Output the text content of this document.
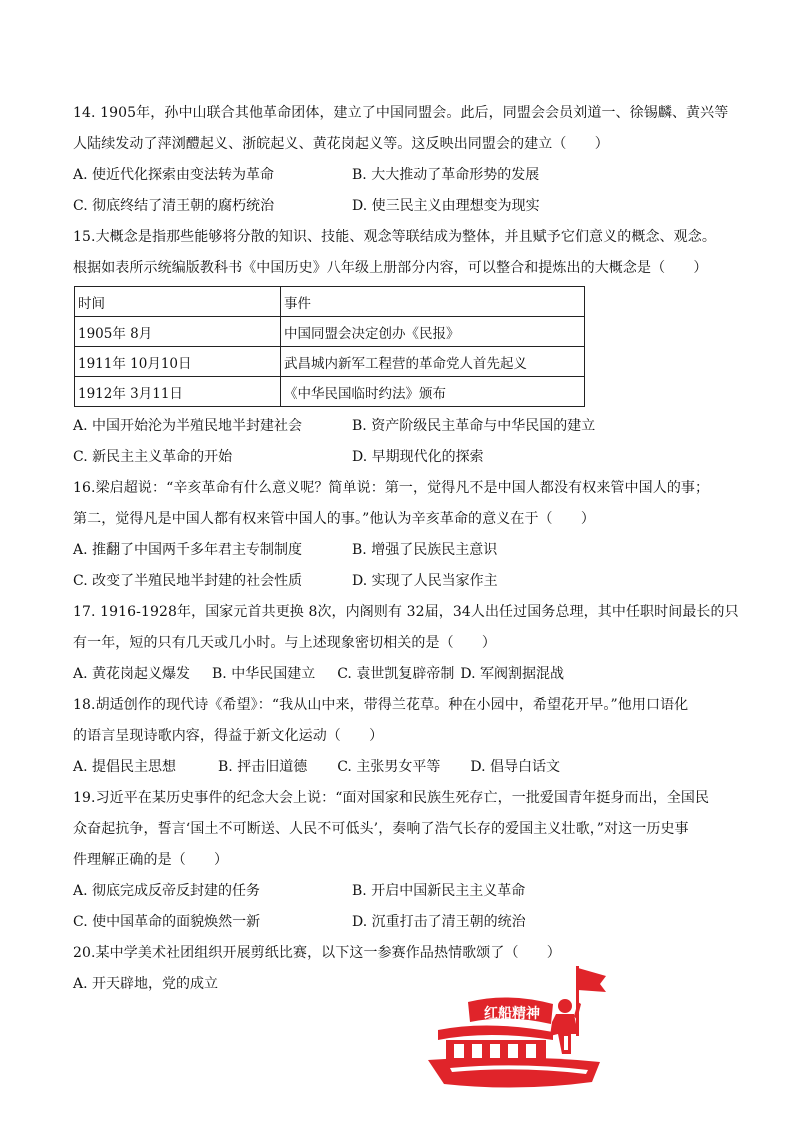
14. 1905年，孙中山联合其他革命团体，建立了中国同盟会。此后，同盟会会员刘道一、徐锡麟、黄兴等
人陆续发动了萍浏醴起义、浙皖起义、黄花岗起义等。这反映出同盟会的建立（　　）
A. 使近代化探索由变法转为革命	B. 大大推动了革命形势的发展
C. 彻底终结了清王朝的腐朽统治	D. 使三民主义由理想变为现实
15.大概念是指那些能够将分散的知识、技能、观念等联结成为整体，并且赋予它们意义的概念、观念。
根据如表所示统编版教科书《中国历史》八年级上册部分内容，可以整合和提炼出的大概念是（　　）
时间	事件
1905年 8月	中国同盟会决定创办《民报》
1911年 10月10日	武昌城内新军工程营的革命党人首先起义
1912年 3月11日	《中华民国临时约法》颁布
A. 中国开始沦为半殖民地半封建社会	B. 资产阶级民主革命与中华民国的建立
C. 新民主主义革命的开始	D. 早期现代化的探索
16.梁启超说：“辛亥革命有什么意义呢？简单说：第一，觉得凡不是中国人都没有权来管中国人的事；
第二，觉得凡是中国人都有权来管中国人的事。”他认为辛亥革命的意义在于（　　）
A. 推翻了中国两千多年君主专制制度	B. 增强了民族民主意识
C. 改变了半殖民地半封建的社会性质	D. 实现了人民当家作主
17. 1916-1928年，国家元首共更换 8次，内阁则有 32届，34人出任过国务总理，其中任职时间最长的只
有一年，短的只有几天或几小时。与上述现象密切相关的是（　　）
A. 黄花岗起义爆发 B. 中华民国建立 C. 袁世凯复辟帝制 D. 军阀割据混战
18.胡适创作的现代诗《希望》：“我从山中来，带得兰花草。种在小园中，希望花开早。”他用口语化
的语言呈现诗歌内容，得益于新文化运动（　　）
A. 提倡民主思想	B. 抨击旧道德 C. 主张男女平等 D. 倡导白话文
19.习近平在某历史事件的纪念大会上说：“面对国家和民族生死存亡，一批爱国青年挺身而出，全国民
众奋起抗争，誓言‘国土不可断送、人民不可低头’，奏响了浩气长存的爱国主义壮歌，”对这一历史事
件理解正确的是（　　）
A. 彻底完成反帝反封建的任务	B. 开启中国新民主主义革命
C. 使中国革命的面貌焕然一新	D. 沉重打击了清王朝的统治
20.某中学美术社团组织开展剪纸比赛，以下这一参赛作品热情歌颂了（　　）
A. 开天辟地，党的成立
红船精神
